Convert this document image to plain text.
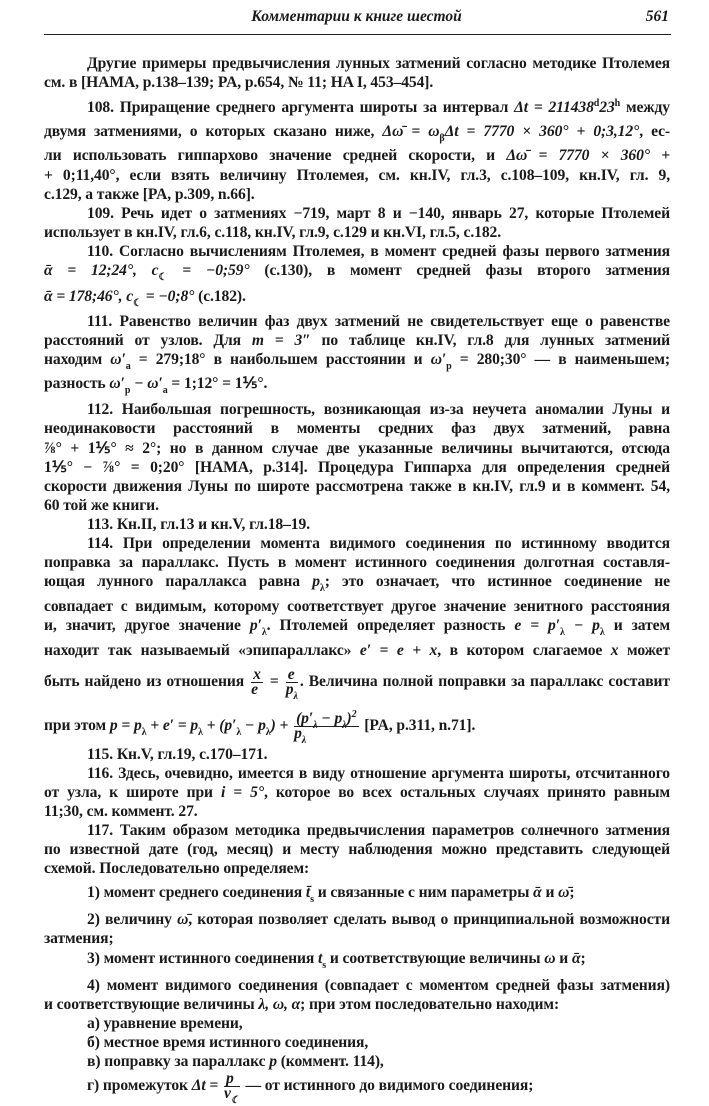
Комментарии к книге шестой	561
Другие примеры предвычисления лунных затмений согласно методике Птолемея
см. в [HAMA, p.138–139; PA, p.654, № 11; HA I, 453–454].
108. Приращение среднего аргумента широты за интервал $\Delta t = 211438^d23^h$ между
двумя затмениями, о которых сказано ниже, Δω̄ = $\omega_\beta\Delta t = 7770 \times 360^\circ$ + 0;3,12°, ес-
ли использовать гиппархово значение средней скорости, и Δω̄ = 7770 × 360° +
+ 0;11,40°, если взять величину Птолемея, см. кн.IV, гл.3, с.108–109, кн.IV, гл. 9,
с.129, а также [PA, p.309, n.66].
109. Речь идет о затмениях −719, март 8 и −140, январь 27, которые Птолемей
использует в кн.IV, гл.6, с.118, кн.IV, гл.9, с.129 и кн.VI, гл.5, с.182.
110. Согласно вычислениям Птолемея, в момент средней фазы первого затмения
ᾱ = 12;24°, $c_☾$ = −0;59° (с.130), в момент средней фазы второго затмения
ᾱ = 178;46°, $c_☾$ = −0;8° (с.182).
111. Равенство величин фаз двух затмений не свидетельствует еще о равенстве
расстояний от узлов. Для m = 3″ по таблице кн.IV, гл.8 для лунных затмений
находим $\omega'_a$ = 279;18° в наибольшем расстоянии и $\omega'_p$ = 280;30° — в наименьшем;
разность $\omega'_p - \omega'_a$ = 1;12° = 1⅕°.
112. Наибольшая погрешность, возникающая из-за неучета аномалии Луны и
неодинаковости расстояний в моменты средних фаз двух затмений, равна
⅞° + 1⅕° ≈ 2°; но в данном случае две указанные величины вычитаются, отсюда
1⅕° − ⅞° = 0;20° [HAMA, p.314]. Процедура Гиппарха для определения средней
скорости движения Луны по широте рассмотрена также в кн.IV, гл.9 и в коммент. 54,
60 той же книги.
113. Кн.II, гл.13 и кн.V, гл.18–19.
114. При определении момента видимого соединения по истинному вводится
поправка за параллакс. Пусть в момент истинного соединения долготная составля-
ющая лунного параллакса равна $p_\lambda$; это означает, что истинное соединение не
совпадает с видимым, которому соответствует другое значение зенитного расстояния
и, значит, другое значение $p'_\lambda$. Птолемей определяет разность $e = p'_\lambda - p_\lambda$ и затем
находит так называемый «эпипараллакс» e′ = e + x, в котором слагаемое x может
быть найдено из отношения $\frac{x}{e} = \frac{e}{p_\lambda}$ . Величина полной поправки за параллакс составит
при этом $p = p_\lambda + e' = p_\lambda + (p'_\lambda - p_\lambda) + \frac{(p'_\lambda - p_\lambda)^2}{p_\lambda} [PA$, p.311, n.71].
115. Кн.V, гл.19, с.170–171.
116. Здесь, очевидно, имеется в виду отношение аргумента широты, отсчитанного
от узла, к широте при i = 5°, которое во всех остальных случаях принято равным
11;30, см. коммент. 27.
117. Таким образом методика предвычисления параметров солнечного затмения
по известной дате (год, месяц) и месту наблюдения можно представить следующей
схемой. Последовательно определяем:
1) момент среднего соединения $t̄_s$ и связанные с ним параметры ᾱ и ω̄;
2) величину ω̄, которая позволяет сделать вывод о принципиальной возможности
затмения;
3) момент истинного соединения $t_s$ и соответствующие величины ω и ᾱ;
4) момент видимого соединения (совпадает с моментом средней фазы затмения)
и соответствующие величины λ, ω, α; при этом последовательно находим:
а) уравнение времени,
б) местное время истинного соединения,
в) поправку за параллакс p (коммент. 114),
г) промежуток $\Delta t = \frac{p}{v_☾}$ — от истинного до видимого соединения;
